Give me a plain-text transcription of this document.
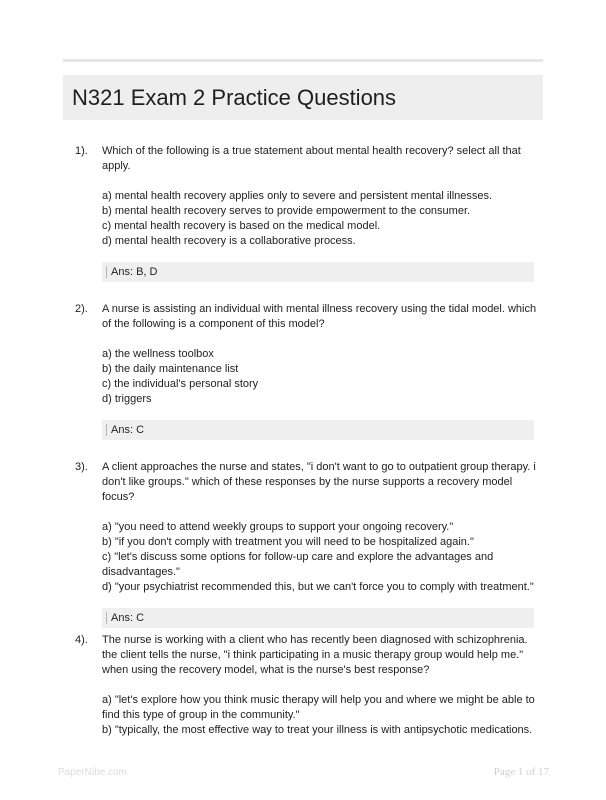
N321 Exam 2 Practice Questions
1). Which of the following is a true statement about mental health recovery? select all that apply.
a) mental health recovery applies only to severe and persistent mental illnesses.
b) mental health recovery serves to provide empowerment to the consumer.
c) mental health recovery is based on the medical model.
d) mental health recovery is a collaborative process.
Ans: B, D
2). A nurse is assisting an individual with mental illness recovery using the tidal model. which of the following is a component of this model?
a) the wellness toolbox
b) the daily maintenance list
c) the individual's personal story
d) triggers
Ans: C
3). A client approaches the nurse and states, "i don't want to go to outpatient group therapy. i don't like groups." which of these responses by the nurse supports a recovery model focus?
a) "you need to attend weekly groups to support your ongoing recovery."
b) "if you don't comply with treatment you will need to be hospitalized again."
c) "let's discuss some options for follow-up care and explore the advantages and disadvantages."
d) "your psychiatrist recommended this, but we can't force you to comply with treatment."
Ans: C
4). The nurse is working with a client who has recently been diagnosed with schizophrenia. the client tells the nurse, "i think participating in a music therapy group would help me." when using the recovery model, what is the nurse's best response?
a) "let's explore how you think music therapy will help you and where we might be able to find this type of group in the community."
b) "typically, the most effective way to treat your illness is with antipsychotic medications.
PaperNibe.com	Page 1 of 17
